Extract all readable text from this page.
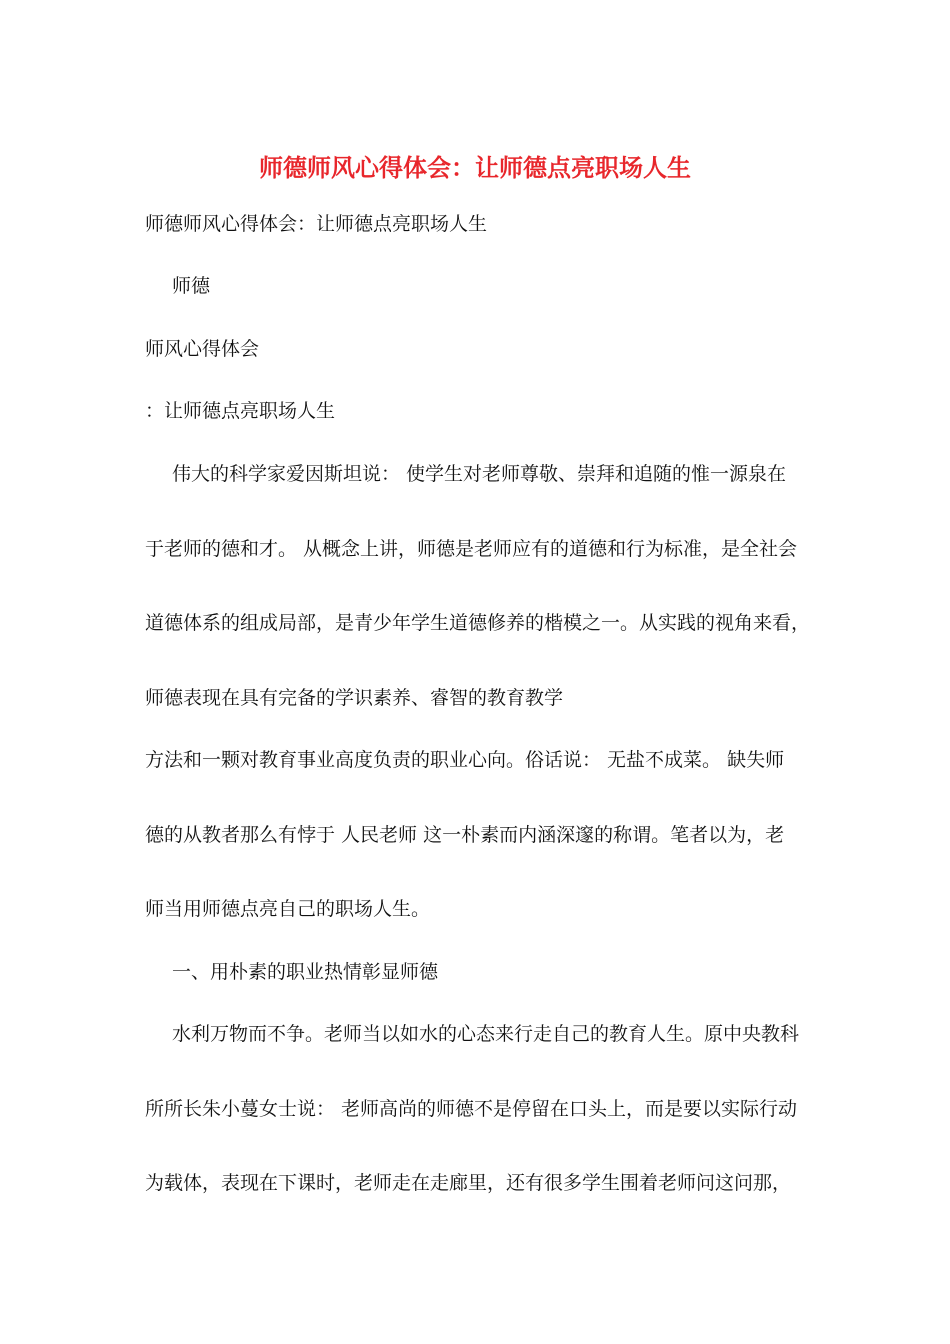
师德师风心得体会：让师德点亮职场人生

师德师风心得体会：让师德点亮职场人生

师德

师风心得体会

：让师德点亮职场人生

伟大的科学家爱因斯坦说： 使学生对老师尊敬、崇拜和追随的惟一源泉在

于老师的德和才。 从概念上讲，师德是老师应有的道德和行为标准，是全社会

道德体系的组成局部，是青少年学生道德修养的楷模之一。从实践的视角来看，

师德表现在具有完备的学识素养、睿智的教育教学

方法和一颗对教育事业高度负责的职业心向。俗话说： 无盐不成菜。 缺失师

德的从教者那么有悖于 人民老师 这一朴素而内涵深邃的称谓。笔者以为，老

师当用师德点亮自己的职场人生。

一、用朴素的职业热情彰显师德

水利万物而不争。老师当以如水的心态来行走自己的教育人生。原中央教科

所所长朱小蔓女士说： 老师高尚的师德不是停留在口头上，而是要以实际行动

为载体，表现在下课时，老师走在走廊里，还有很多学生围着老师问这问那，
